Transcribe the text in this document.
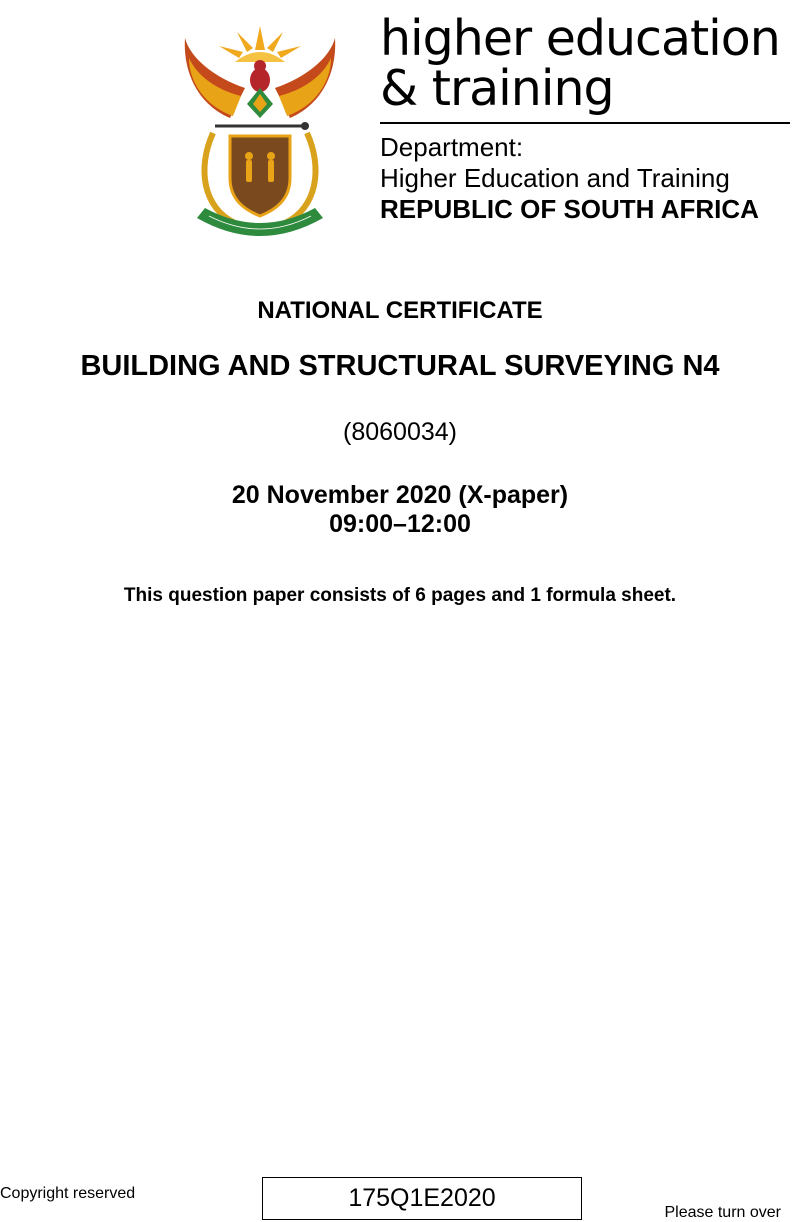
higher education
& training
Department:
Higher Education and Training
REPUBLIC OF SOUTH AFRICA
NATIONAL CERTIFICATE
BUILDING AND STRUCTURAL SURVEYING N4
(8060034)
20 November 2020 (X-paper)
09:00–12:00
This question paper consists of 6 pages and 1 formula sheet.
Copyright reserved	175Q1E2020
Please turn over
